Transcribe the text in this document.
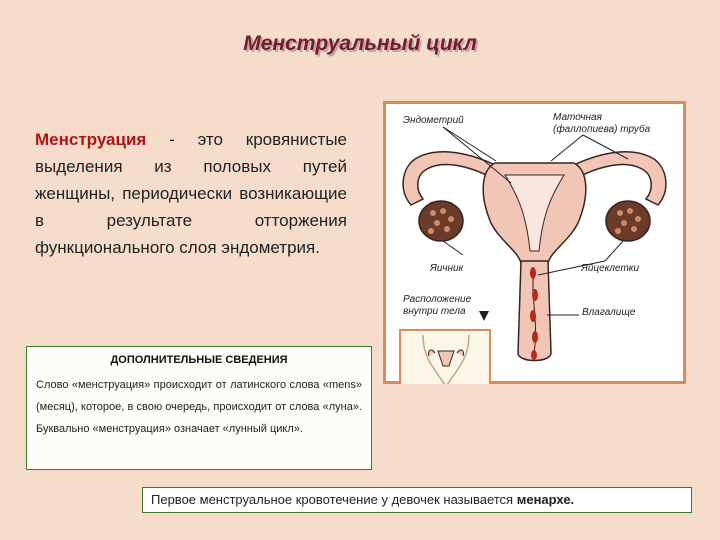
Менструальный цикл
Менструация - это кровянистые выделения из половых путей женщины, периодически возникающие в результате отторжения функционального слоя эндометрия.
ДОПОЛНИТЕЛЬНЫЕ СВЕДЕНИЯ
Слово «менструация» происходит от латинского слова «mens» (месяц), которое, в свою очередь, происходит от слова «луна». Буквально «менструация» означает «лунный цикл».
Первое менструальное кровотечение у девочек называется менархе.
Эндометрий	Маточная
(фаллопиева) труба
Яичник	Яйцеклетки
Расположение
внутри тела	Влагалище
